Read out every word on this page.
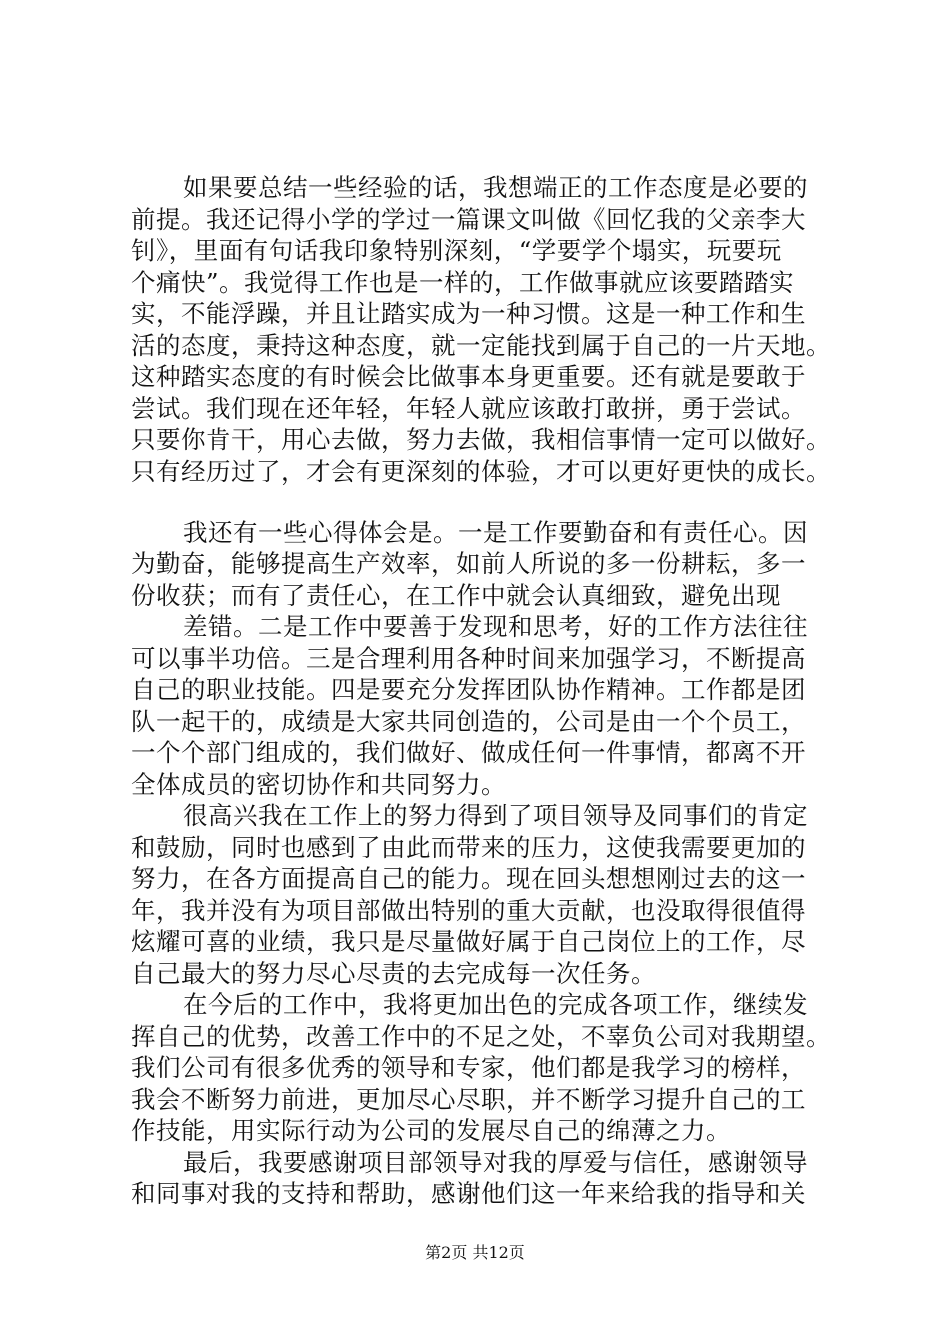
如果要总结一些经验的话，我想端正的工作态度是必要的
前提。我还记得小学的学过一篇课文叫做《回忆我的父亲李大
钊》，里面有句话我印象特别深刻，“学要学个塌实，玩要玩
个痛快”。我觉得工作也是一样的，工作做事就应该要踏踏实
实，不能浮躁，并且让踏实成为一种习惯。这是一种工作和生
活的态度，秉持这种态度，就一定能找到属于自己的一片天地。
这种踏实态度的有时候会比做事本身更重要。还有就是要敢于
尝试。我们现在还年轻，年轻人就应该敢打敢拼，勇于尝试。
只要你肯干，用心去做，努力去做，我相信事情一定可以做好。
只有经历过了，才会有更深刻的体验，才可以更好更快的成长。
我还有一些心得体会是。一是工作要勤奋和有责任心。因
为勤奋，能够提高生产效率，如前人所说的多一份耕耘，多一
份收获；而有了责任心，在工作中就会认真细致，避免出现
差错。二是工作中要善于发现和思考，好的工作方法往往
可以事半功倍。三是合理利用各种时间来加强学习，不断提高
自己的职业技能。四是要充分发挥团队协作精神。工作都是团
队一起干的，成绩是大家共同创造的，公司是由一个个员工，
一个个部门组成的，我们做好、做成任何一件事情，都离不开
全体成员的密切协作和共同努力。
很高兴我在工作上的努力得到了项目领导及同事们的肯定
和鼓励，同时也感到了由此而带来的压力，这使我需要更加的
努力，在各方面提高自己的能力。现在回头想想刚过去的这一
年，我并没有为项目部做出特别的重大贡献，也没取得很值得
炫耀可喜的业绩，我只是尽量做好属于自己岗位上的工作，尽
自己最大的努力尽心尽责的去完成每一次任务。
在今后的工作中，我将更加出色的完成各项工作，继续发
挥自己的优势，改善工作中的不足之处，不辜负公司对我期望。
我们公司有很多优秀的领导和专家，他们都是我学习的榜样，
我会不断努力前进，更加尽心尽职，并不断学习提升自己的工
作技能，用实际行动为公司的发展尽自己的绵薄之力。
最后，我要感谢项目部领导对我的厚爱与信任，感谢领导
和同事对我的支持和帮助，感谢他们这一年来给我的指导和关
第2页 共12页
